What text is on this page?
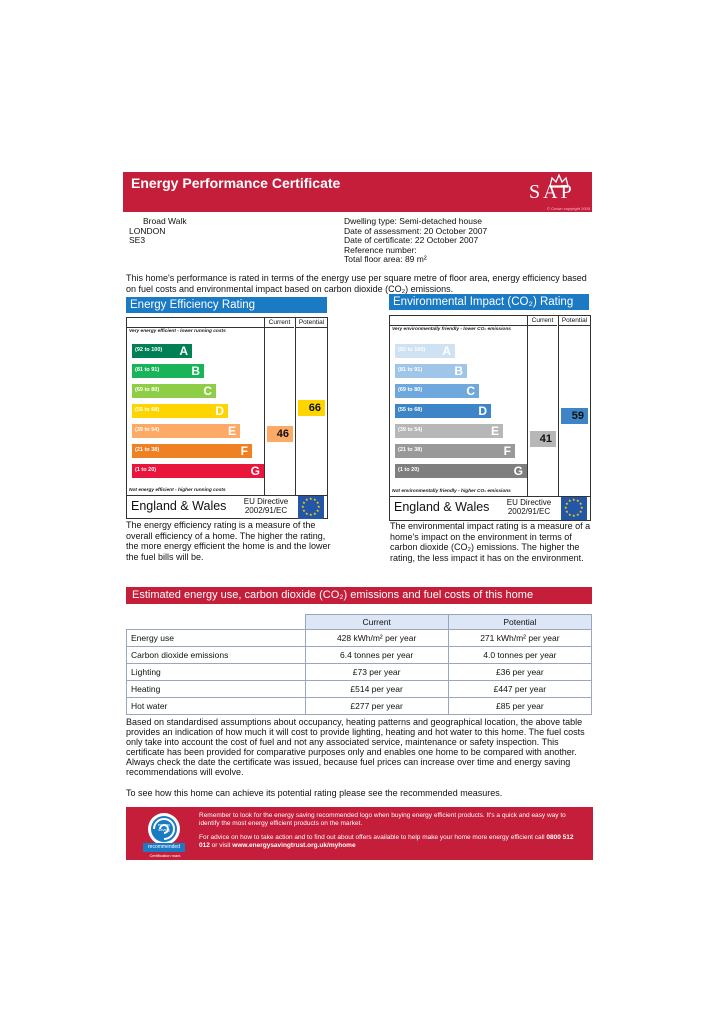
Energy Performance Certificate	SAP
© Crown copyright 2005
Broad Walk
LONDON
SE3
Dwelling type: Semi-detached house
Date of assessment: 20 October 2007
Date of certificate: 22 October 2007
Reference number:
Total floor area: 89 m²
This home's performance is rated in terms of the energy use per square metre of floor area, energy efficiency based on fuel costs and environmental impact based on carbon dioxide (CO₂) emissions.
Energy Efficiency Rating
Current	Potential
Very energy efficient - lower running costs
(92 to 100) A
(81 to 91)	B
(69 to 80)	C
(55 to 68)	D
(39 to 54)	E
(21 to 38)	F
(1 to 20)	G
Not energy efficient - higher running costs
England & Wales	EU Directive 2002/91/EC	★
★
★
★
★
★
★
★
★ ★ ★
★
46
66
The energy efficiency rating is a measure of the overall efficiency of a home. The higher the rating, the more energy efficient the home is and the lower the fuel bills will be.
Environmental Impact (CO₂) Rating
Current	Potential
Very environmentally friendly - lower CO₂ emissions
(92 to 100) A
(81 to 91)	B
(69 to 80)	C
(55 to 68)	D
(39 to 54)	E
(21 to 38)	F
(1 to 20)	G
Not environmentally friendly - higher CO₂ emissions
England & Wales	EU Directive 2002/91/EC	★
★
★
★
★
★
★
★
★ ★ ★
★
41
59
The environmental impact rating is a measure of a home's impact on the environment in terms of carbon dioxide (CO₂) emissions. The higher the rating, the less impact it has on the environment.
Estimated energy use, carbon dioxide (CO₂) emissions and fuel costs of this home
	Current	Potential
Energy use	428 kWh/m² per year	271 kWh/m² per year
Carbon dioxide emissions	6.4 tonnes per year	4.0 tonnes per year
Lighting	£73 per year	£36 per year
Heating	£514 per year	£447 per year
Hot water	£277 per year	£85 per year
Based on standardised assumptions about occupancy, heating patterns and geographical location, the above table provides an indication of how much it will cost to provide lighting, heating and hot water to this home. The fuel costs only take into account the cost of fuel and not any associated service, maintenance or safety inspection. This certificate has been provided for comparative purposes only and enables one home to be compared with another. Always check the date the certificate was issued, because fuel prices can increase over time and energy saving recommendations will evolve.
To see how this home can achieve its potential rating please see the recommended measures.
recommended
energy saving
Certification mark
Remember to look for the energy saving recommended logo when buying energy efficient products. It's a quick and easy way to identify the most energy efficient products on the market.
For advice on how to take action and to find out about offers available to help make your home more energy efficient call 0800 512 012 or visit www.energysavingtrust.org.uk/myhome
